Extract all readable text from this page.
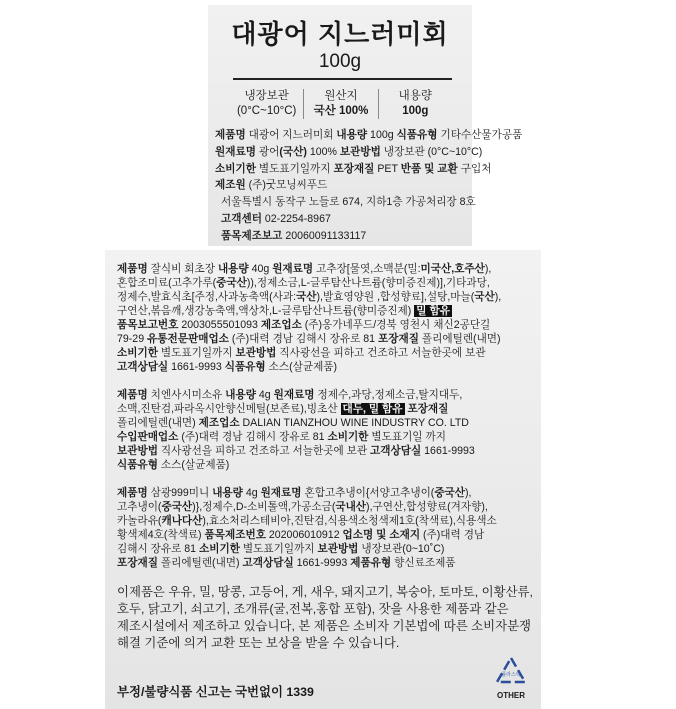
대광어 지느러미회
100g
냉장보관
(0°C~10°C)
원산지
국산 100%
내용량
100g
제품명 대광어 지느러미회 내용량 100g 식품유형 기타수산물가공품
원재료명 광어(국산) 100% 보관방법 냉장보관 (0°C~10°C)
소비기한 별도표기일까지 포장재질 PET 반품 및 교환 구입처
제조원 (주)굿모닝씨푸드
서울특별시 동작구 노들로 674, 지하1층 가공처리장 8호
고객센터 02-2254-8967
품목제조보고 20060091133117
제품명 잘식비 회초장 내용량 40g 원재료명 고추장[물엿,소맥분(밀:미국산,호주산),
혼합조미료(고추가루(중국산)),정제소금,L-글루탐산나트륨(향미증진제)],기타과당,
정제수,발효식초[주정,사과농축액(사과:국산),발효영양원 ,합성향료],설탕,마늘(국산),
구연산,볶음깨,생강농축액,액상차,L-글루탐산나트륨(향미증진제) 밀 함유
품목보고번호 2003055501093 제조업소 (주)옹가네푸드/경북 영천시 채신2공단길
79-29 유통전문판매업소 (주)대력 경남 김해시 장유로 81 포장재질 폴리에틸렌(내면)
소비기한 별도표기일까지 보관방법 직사광선을 피하고 건조하고 서늘한곳에 보관
고객상담실 1661-9993 식품유형 소스(살균제품)
제품명 치엔사시미소유 내용량 4g 원재료명 정제수,과당,정제소금,탈지대두,
소맥,진탄검,파라옥시안향신메틸(보존료),빙초산 대두, 밀 함유 포장재질
폴리에틸렌(내면) 제조업소 DALIAN TIANZHOU WINE INDUSTRY CO. LTD
수입판매업소 (주)대력 경남 김해시 장유로 81 소비기한 별도표기일 까지
보관방법 직사광선을 피하고 건조하고 서늘한곳에 보관 고객상담실 1661-9993
식품유형 소스(살균제품)
제품명 삼광999미니 내용량 4g 원재료명 혼합고추냉이{서양고추냉이(중국산),
고추냉이(중국산)},정제수,D-소비톨액,가공소금(국내산),구연산,합성향료(겨자향),
카놀라유(캐나다산),효소처리스테비아,진탄검,식용색소청색제1호(착색료),식용색소
황색제4호(착색료) 품목제조번호 202006010912 업소명 및 소재지 (주)대력 경남
김해시 장유로 81 소비기한 별도표기일까지 보관방법 냉장보관(0~10˚C)
포장재질 폴리에틸렌(내면) 고객상담실 1661-9993 제품유형 향신료조제품
이제품은 우유, 밀, 땅콩, 고등어, 게, 새우, 돼지고기, 복숭아, 토마토, 이황산류,
호두, 닭고기, 쇠고기, 조개류(굴,전복,홍합 포함), 잣을 사용한 제품과 같은
제조시설에서 제조하고 있습니다, 본 제품은 소비자 기본법에 따른 소비자분쟁
해결 기준에 의거 교환 또는 보상을 받을 수 있습니다.
부정/불량식품 신고는 국번없이 1339
플라스틱
OTHER
